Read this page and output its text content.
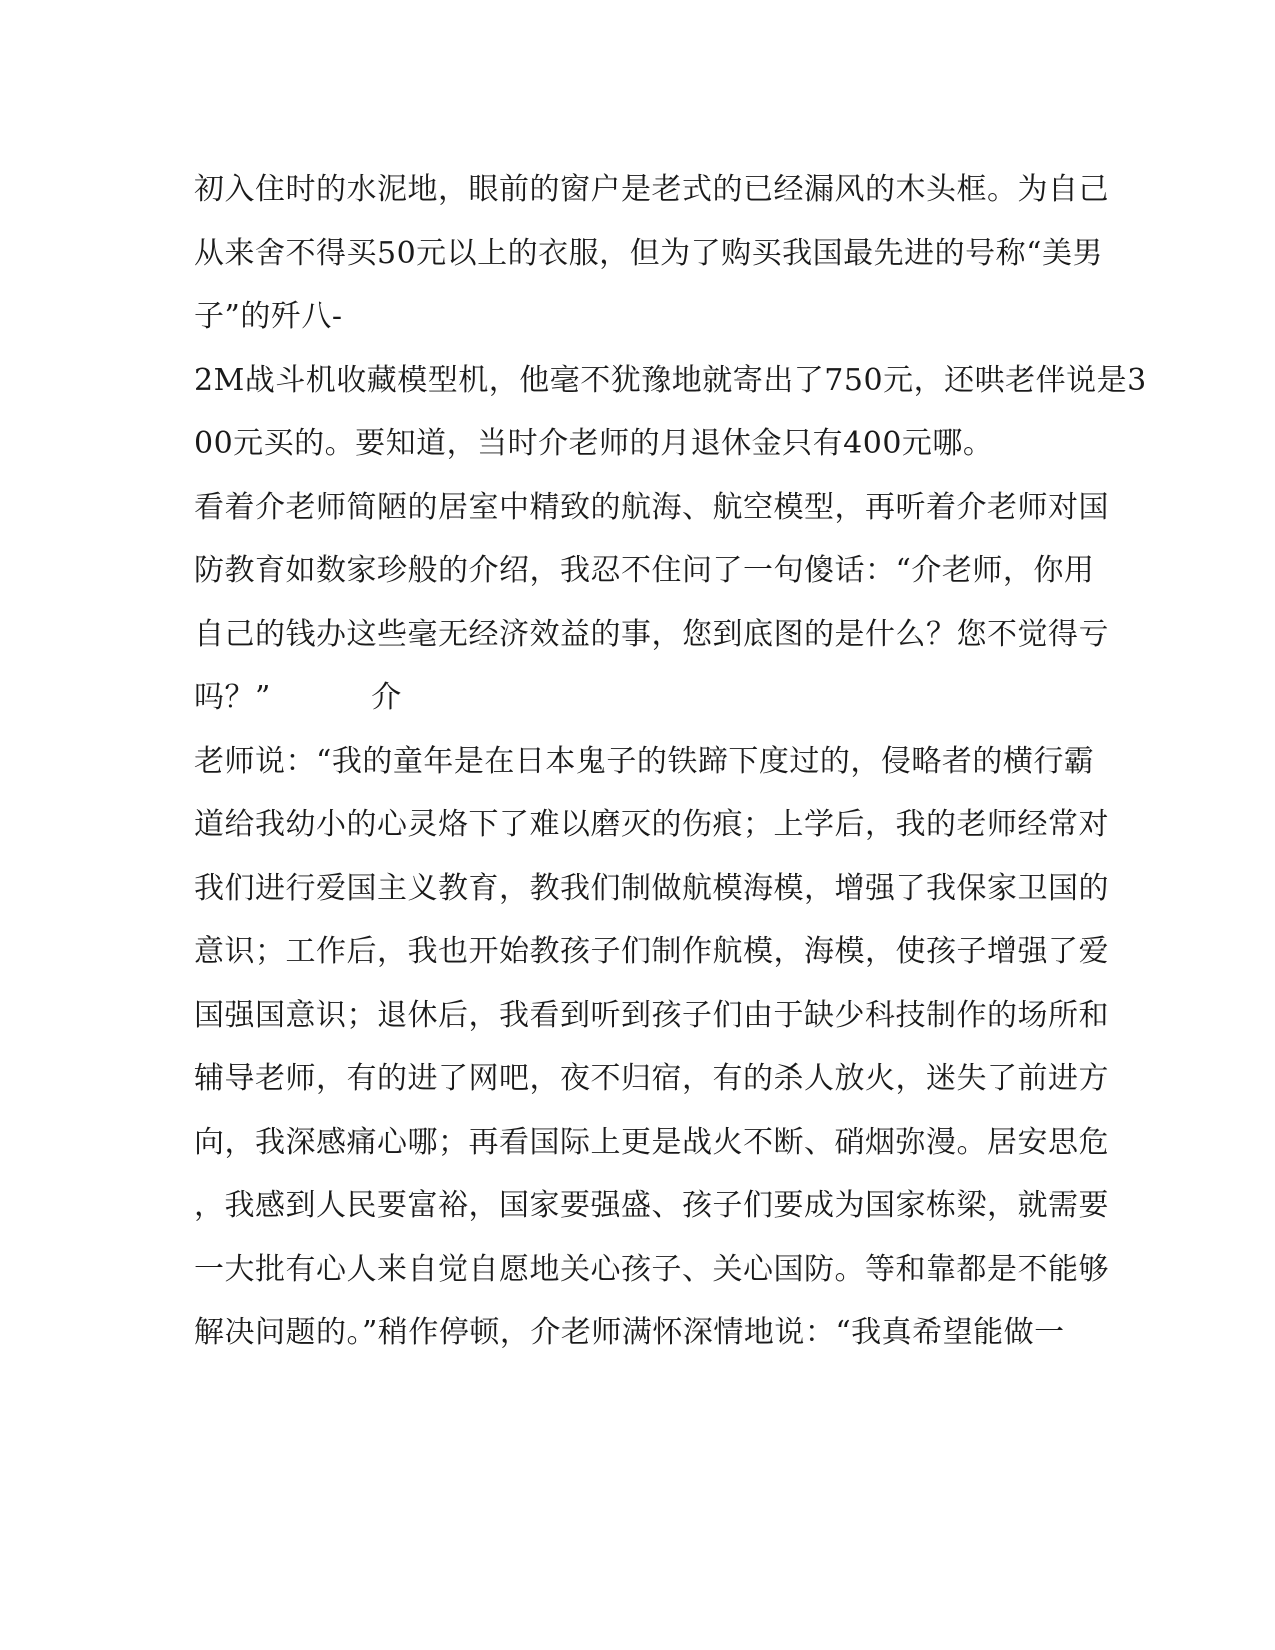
初入住时的水泥地，眼前的窗户是老式的已经漏风的木头框。为自己
从来舍不得买50元以上的衣服，但为了购买我国最先进的号称“美男
子”的歼八-
2M战斗机收藏模型机，他毫不犹豫地就寄出了750元，还哄老伴说是3
00元买的。要知道，当时介老师的月退休金只有400元哪。
看着介老师简陋的居室中精致的航海、航空模型，再听着介老师对国
防教育如数家珍般的介绍，我忍不住问了一句傻话：“介老师，你用
自己的钱办这些毫无经济效益的事，您到底图的是什么？您不觉得亏
吗？”          介
老师说：“我的童年是在日本鬼子的铁蹄下度过的，侵略者的横行霸
道给我幼小的心灵烙下了难以磨灭的伤痕；上学后，我的老师经常对
我们进行爱国主义教育，教我们制做航模海模，增强了我保家卫国的
意识；工作后，我也开始教孩子们制作航模，海模，使孩子增强了爱
国强国意识；退休后，我看到听到孩子们由于缺少科技制作的场所和
辅导老师，有的进了网吧，夜不归宿，有的杀人放火，迷失了前进方
向，我深感痛心哪；再看国际上更是战火不断、硝烟弥漫。居安思危
，我感到人民要富裕，国家要强盛、孩子们要成为国家栋梁，就需要
一大批有心人来自觉自愿地关心孩子、关心国防。等和靠都是不能够
解决问题的。”稍作停顿，介老师满怀深情地说：“我真希望能做一
